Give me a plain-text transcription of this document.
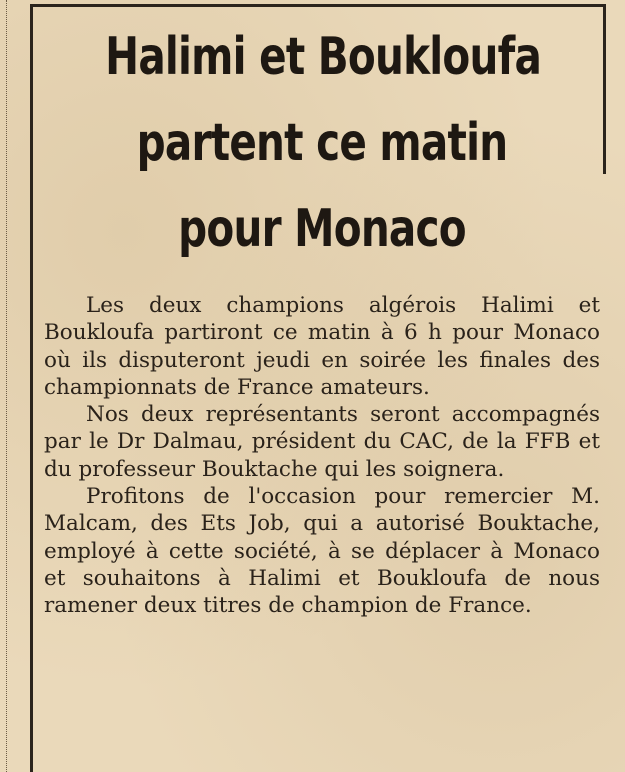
Halimi et Boukloufa
partent ce matin
pour Monaco

Les deux champions algérois Halimi et Boukloufa partiront ce matin à 6 h pour Monaco où ils disputeront jeudi en soirée les finales des championnats de France amateurs.

Nos deux représentants seront accompagnés par le Dr Dalmau, président du CAC, de la FFB et du professeur Bouktache qui les soignera.

Profitons de l'occasion pour remercier M. Malcam, des Ets Job, qui a autorisé Bouktache, employé à cette société, à se déplacer à Monaco et souhaitons à Halimi et Boukloufa de nous ramener deux titres de champion de France.
